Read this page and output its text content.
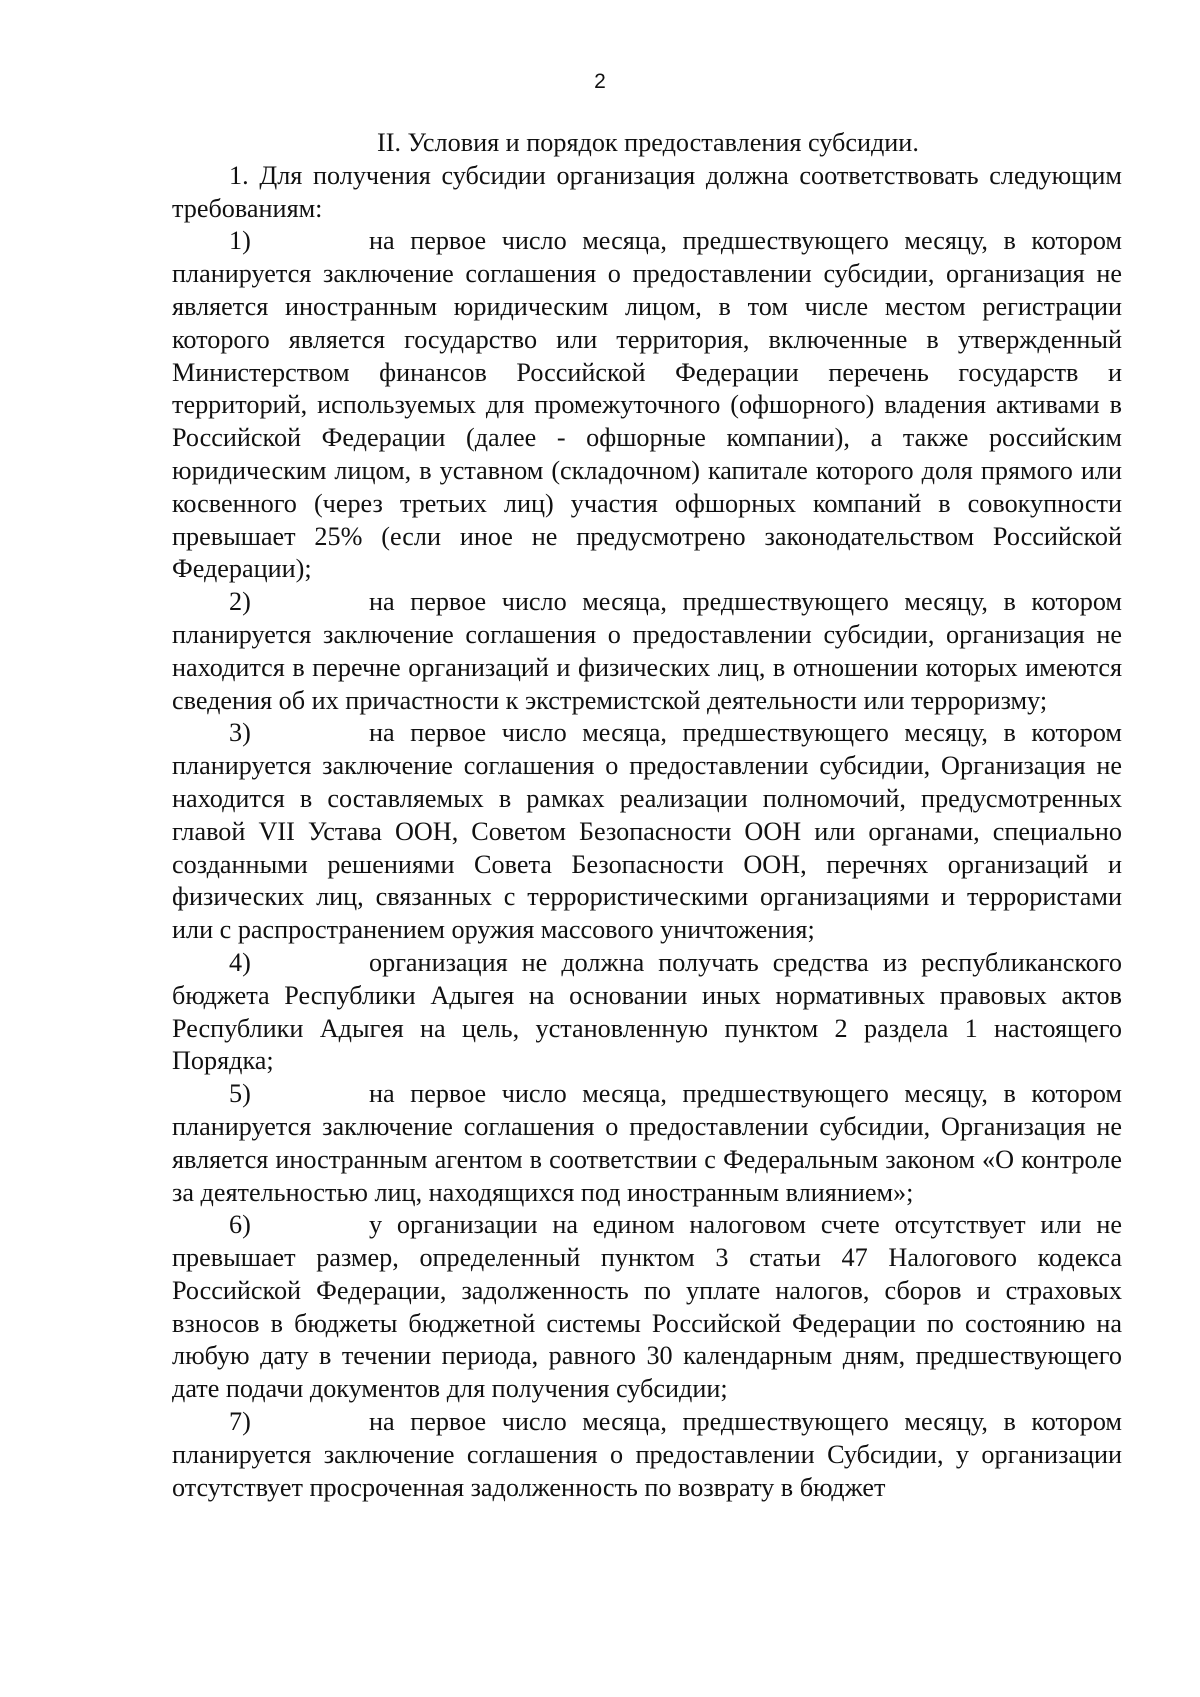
2
II. Условия и порядок предоставления субсидии.

1. Для получения субсидии организация должна соответствовать следующим требованиям:

1)	на первое число месяца, предшествующего месяцу, в котором планируется заключение соглашения о предоставлении субсидии, организация не является иностранным юридическим лицом, в том числе местом регистрации которого является государство или территория, включенные в утвержденный Министерством финансов Российской Федерации перечень государств и территорий, используемых для промежуточного (офшорного) владения активами в Российской Федерации (далее - офшорные компании), а также российским юридическим лицом, в уставном (складочном) капитале которого доля прямого или косвенного (через третьих лиц) участия офшорных компаний в совокупности превышает 25% (если иное не предусмотрено законодательством Российской Федерации);

2)	на первое число месяца, предшествующего месяцу, в котором планируется заключение соглашения о предоставлении субсидии, организация не находится в перечне организаций и физических лиц, в отношении которых имеются сведения об их причастности к экстремистской деятельности или терроризму;

3)	на первое число месяца, предшествующего месяцу, в котором планируется заключение соглашения о предоставлении субсидии, Организация не находится в составляемых в рамках реализации полномочий, предусмотренных главой VII Устава ООН, Советом Безопасности ООН или органами, специально созданными решениями Совета Безопасности ООН, перечнях организаций и физических лиц, связанных с террористическими организациями и террористами или с распространением оружия массового уничтожения;

4)	организация не должна получать средства из республиканского бюджета Республики Адыгея на основании иных нормативных правовых актов Республики Адыгея на цель, установленную пунктом 2 раздела 1 настоящего Порядка;

5)	на первое число месяца, предшествующего месяцу, в котором планируется заключение соглашения о предоставлении субсидии, Организация не является иностранным агентом в соответствии с Федеральным законом «О контроле за деятельностью лиц, находящихся под иностранным влиянием»;

6)	у организации на едином налоговом счете отсутствует или не превышает размер, определенный пунктом 3 статьи 47 Налогового кодекса Российской Федерации, задолженность по уплате налогов, сборов и страховых взносов в бюджеты бюджетной системы Российской Федерации по состоянию на любую дату в течении периода, равного 30 календарным дням, предшествующего дате подачи документов для получения субсидии;

7)	на первое число месяца, предшествующего месяцу, в котором планируется заключение соглашения о предоставлении Субсидии, у организации отсутствует просроченная задолженность по возврату в бюджет
